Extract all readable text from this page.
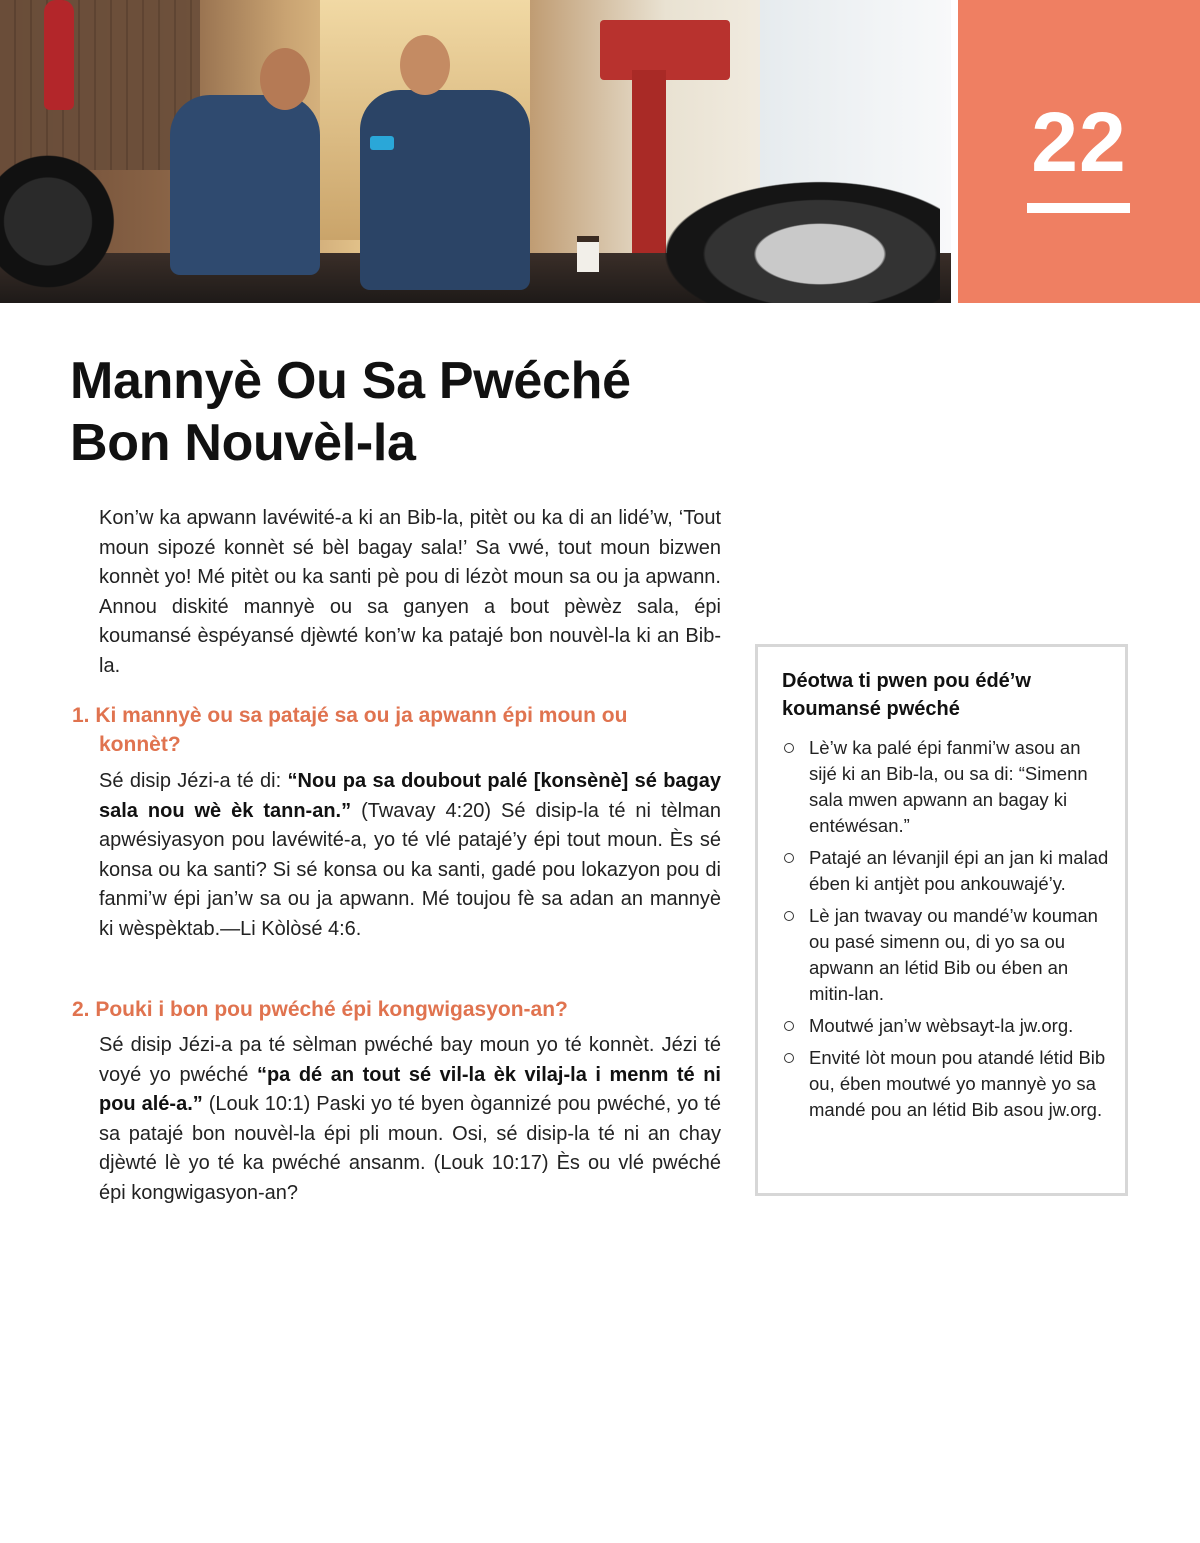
22
Mannyè Ou Sa Pwéché
Bon Nouvèl-la

Kon’w ka apwann lavéwité-a ki an Bib-la, pitèt ou ka di an lidé’w, ‘Tout moun sipozé konnèt sé bèl bagay sala!’ Sa vwé, tout moun bizwen konnèt yo! Mé pitèt ou ka santi pè pou di lézòt moun sa ou ja apwann. Annou diskité mannyè ou sa ganyen a bout pèwèz sala, épi koumansé èspéyansé djèwté kon’w ka patajé bon nouvèl-la ki an Bib-la.

1. Ki mannyè ou sa patajé sa ou ja apwann épi moun ou konnèt?

Sé disip Jézi-a té di: “Nou pa sa doubout palé [konsènè] sé bagay sala nou wè èk tann-an.” (Twavay 4:20) Sé disip-la té ni tèlman apwésiyasyon pou lavéwité-a, yo té vlé patajé’y épi tout moun. Ès sé konsa ou ka santi? Si sé konsa ou ka santi, gadé pou lokazyon pou di fanmi’w épi jan’w sa ou ja apwann. Mé toujou fè sa adan an mannyè ki wèspèktab.—Li Kòlòsé 4:6.

2. Pouki i bon pou pwéché épi kongwigasyon-an?

Sé disip Jézi-a pa té sèlman pwéché bay moun yo té konnèt. Jézi té voyé yo pwéché “pa dé an tout sé vil-la èk vilaj-la i menm té ni pou alé-a.” (Louk 10:1) Paski yo té byen ògannizé pou pwéché, yo té sa patajé bon nouvèl-la épi pli moun. Osi, sé disip-la té ni an chay djèwté lè yo té ka pwéché ansanm. (Louk 10:17) Ès ou vlé pwéché épi kongwigasyon-an?

Déotwa ti pwen pou édé’w koumansé pwéché
Lè’w ka palé épi fanmi’w asou an sijé ki an Bib-la, ou sa di: “Simenn sala mwen apwann an bagay ki entéwésan.”
Patajé an lévanjil épi an jan ki malad ében ki antjèt pou ankouwajé’y.
Lè jan twavay ou mandé’w kouman ou pasé simenn ou, di yo sa ou apwann an létid Bib ou ében an mitin-lan.
Moutwé jan’w wèbsayt-la jw.org.
Envité lòt moun pou atandé létid Bib ou, ében moutwé yo mannyè yo sa mandé pou an létid Bib asou jw.org.
